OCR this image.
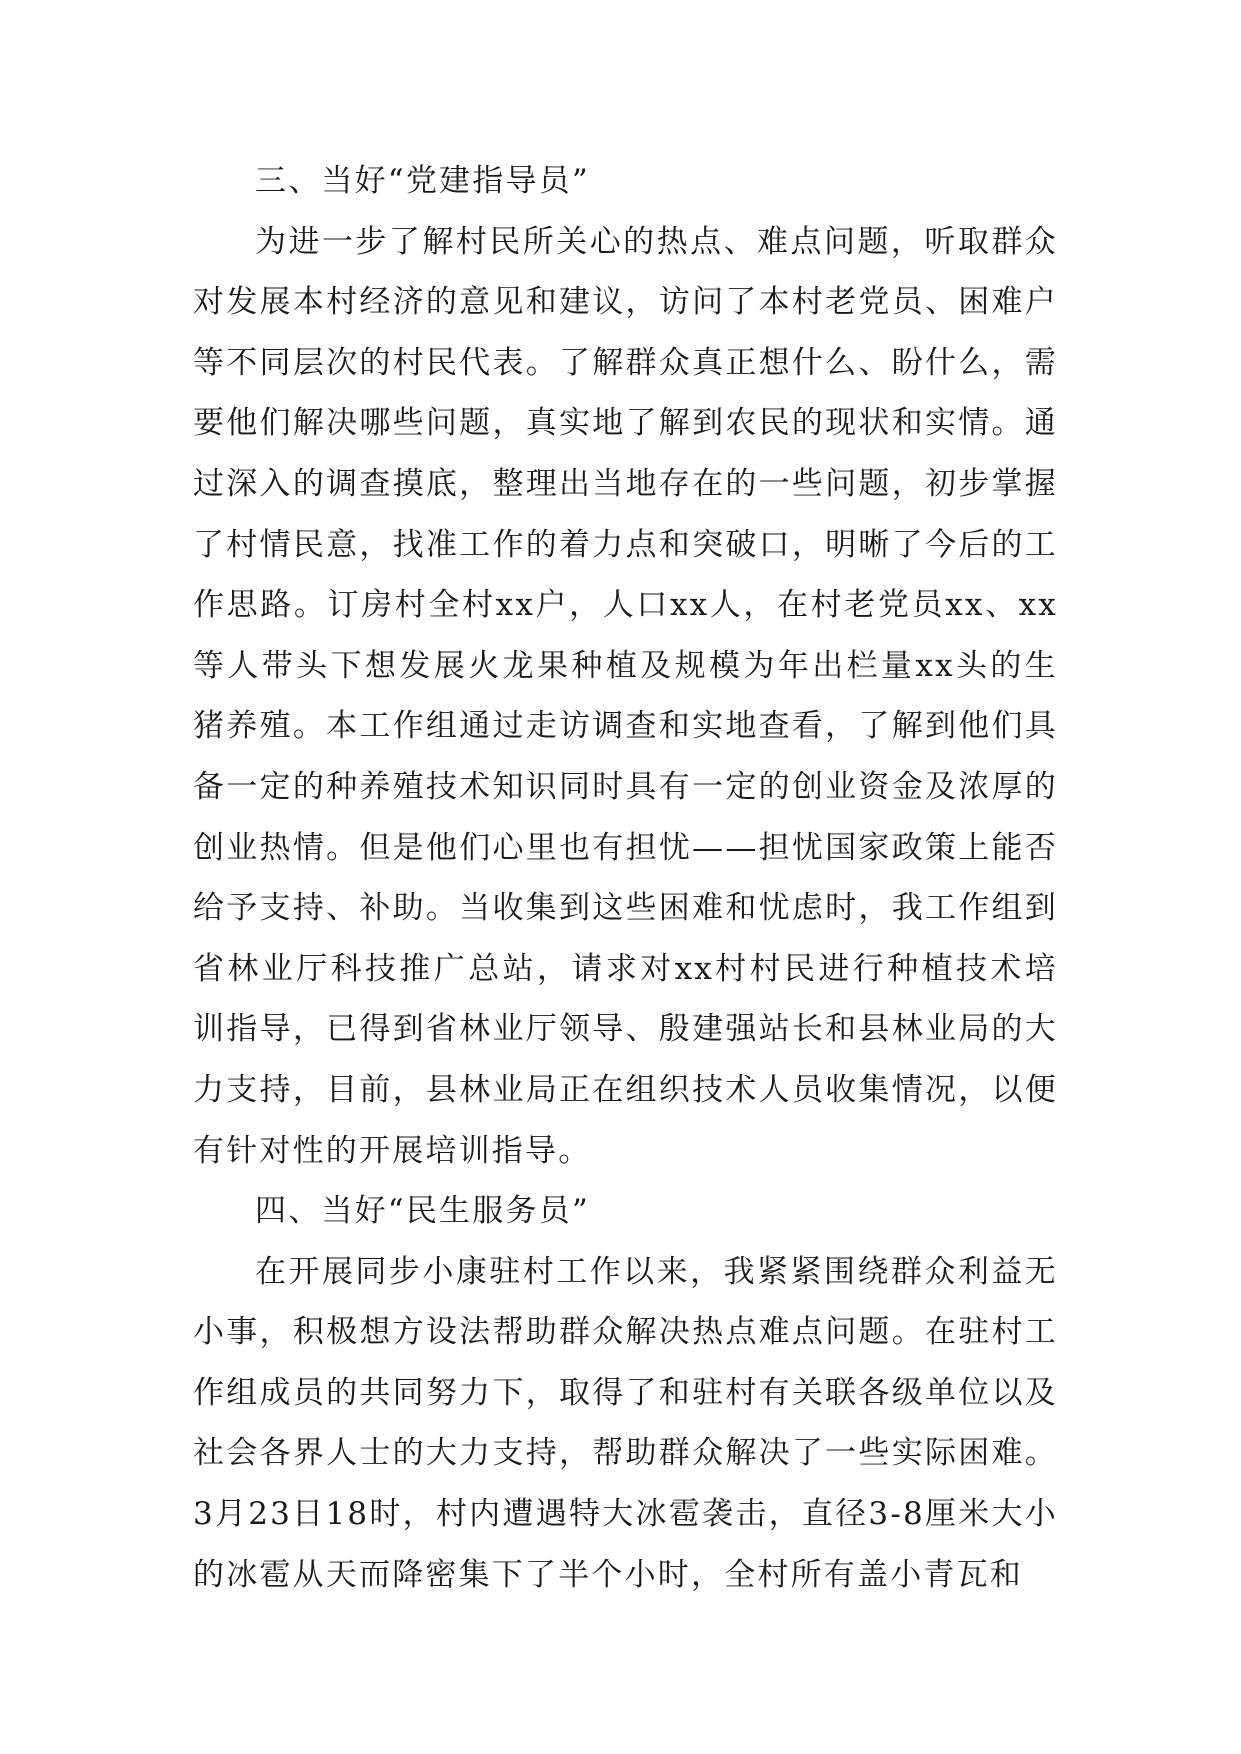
三、当好“党建指导员”

为进一步了解村民所关心的热点、难点问题，听取群众对发展本村经济的意见和建议，访问了本村老党员、困难户等不同层次的村民代表。了解群众真正想什么、盼什么，需要他们解决哪些问题，真实地了解到农民的现状和实情。通过深入的调查摸底，整理出当地存在的一些问题，初步掌握了村情民意，找准工作的着力点和突破口，明晰了今后的工作思路。订房村全村xx户，人口xx人，在村老党员xx、xx等人带头下想发展火龙果种植及规模为年出栏量xx头的生猪养殖。本工作组通过走访调查和实地查看，了解到他们具备一定的种养殖技术知识同时具有一定的创业资金及浓厚的创业热情。但是他们心里也有担忧——担忧国家政策上能否给予支持、补助。当收集到这些困难和忧虑时，我工作组到省林业厅科技推广总站，请求对xx村村民进行种植技术培训指导，已得到省林业厅领导、殷建强站长和县林业局的大力支持，目前，县林业局正在组织技术人员收集情况，以便有针对性的开展培训指导。

四、当好“民生服务员”

在开展同步小康驻村工作以来，我紧紧围绕群众利益无小事，积极想方设法帮助群众解决热点难点问题。在驻村工作组成员的共同努力下，取得了和驻村有关联各级单位以及社会各界人士的大力支持，帮助群众解决了一些实际困难。3月23日18时，村内遭遇特大冰雹袭击，直径3-8厘米大小的冰雹从天而降密集下了半个小时，全村所有盖小青瓦和
